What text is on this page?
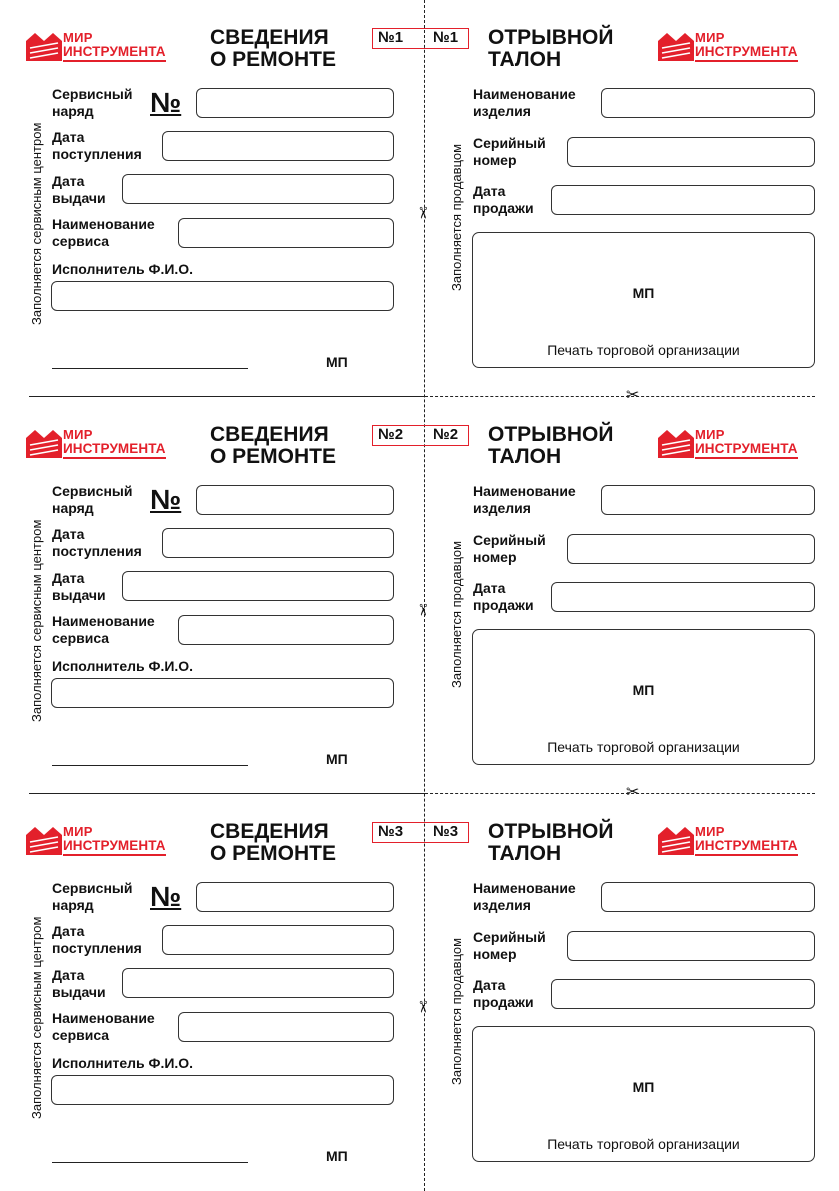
МИР
ИНСТРУМЕНТА
МИР
ИНСТРУМЕНТА
СВЕДЕНИЯ
О РЕМОНТЕ
№1 №1 ОТРЫВНОЙ
ТАЛОН
Заполняется сервисным центром	Заполняется продавцом
Сервисный
наряд	№
Дата
поступления
Дата
выдачи
Наименование
сервиса
Исполнитель Ф.И.О.
МП
Наименование
изделия
Серийный
номер
Дата
продажи
МП
Печать торговой организации
✂
МИР
ИНСТРУМЕНТА
МИР
ИНСТРУМЕНТА
СВЕДЕНИЯ
О РЕМОНТЕ
№2 №2 ОТРЫВНОЙ
ТАЛОН
Заполняется сервисным центром	Заполняется продавцом
Сервисный
наряд	№
Дата
поступления
Дата
выдачи
Наименование
сервиса
Исполнитель Ф.И.О.
МП
Наименование
изделия
Серийный
номер
Дата
продажи
МП
Печать торговой организации
✂
МИР
ИНСТРУМЕНТА
МИР
ИНСТРУМЕНТА
СВЕДЕНИЯ
О РЕМОНТЕ
№3 №3 ОТРЫВНОЙ
ТАЛОН
Заполняется сервисным центром	Заполняется продавцом
Сервисный
наряд	№
Дата
поступления
Дата
выдачи
Наименование
сервиса
Исполнитель Ф.И.О.
МП
Наименование
изделия
Серийный
номер
Дата
продажи
МП
Печать торговой организации
✂
✂
✂
